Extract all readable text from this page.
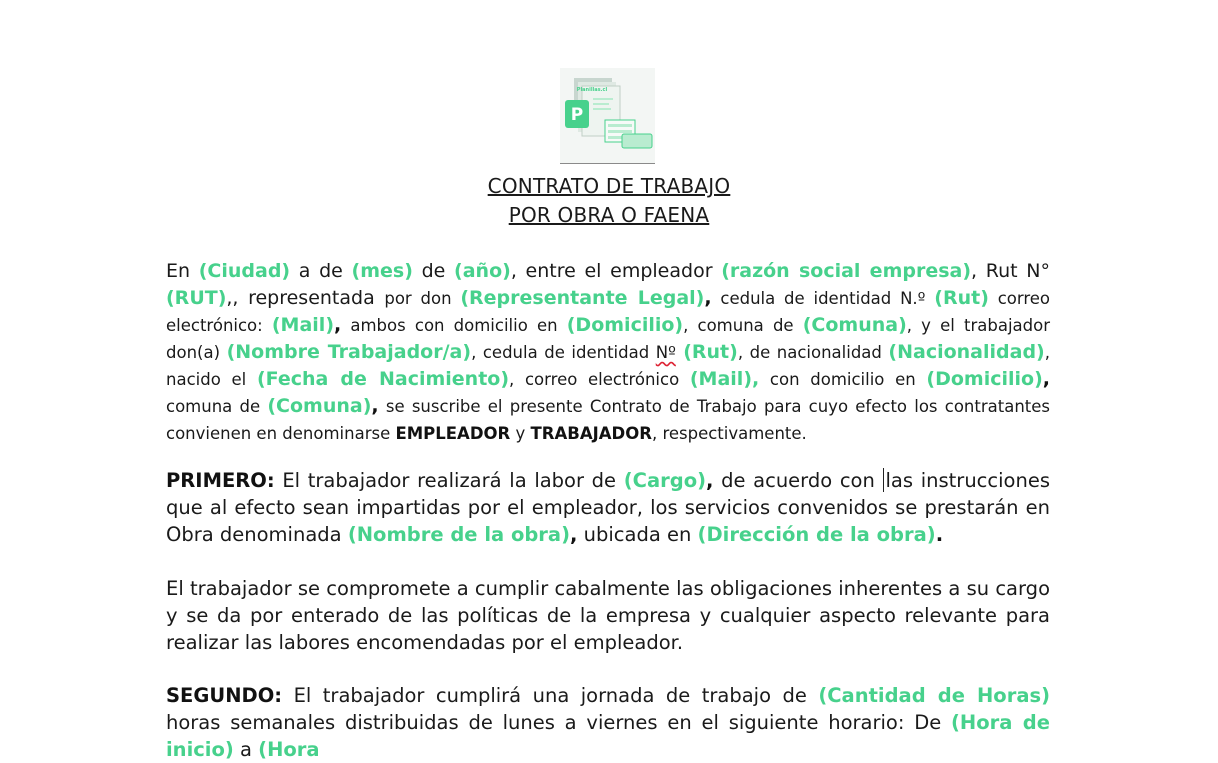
P
Planillas.cl
CONTRATO DE TRABAJO
POR OBRA O FAENA
En (Ciudad) a de (mes) de (año), entre el empleador (razón social empresa), Rut N° (RUT),, representada por don (Representante Legal), cedula de identidad N.º (Rut) correo electrónico: (Mail), ambos con domicilio en (Domicilio), comuna de (Comuna), y el trabajador don(a) (Nombre Trabajador/a), cedula de identidad Nº (Rut), de nacionalidad (Nacionalidad), nacido el (Fecha de Nacimiento), correo electrónico (Mail), con domicilio en (Domicilio), comuna de (Comuna), se suscribe el presente Contrato de Trabajo para cuyo efecto los contratantes convienen en denominarse EMPLEADOR y TRABAJADOR, respectivamente.
PRIMERO: El trabajador realizará la labor de (Cargo), de acuerdo con las instrucciones que al efecto sean impartidas por el empleador, los servicios convenidos se prestarán en Obra denominada (Nombre de la obra), ubicada en (Dirección de la obra).
El trabajador se compromete a cumplir cabalmente las obligaciones inherentes a su cargo y se da por enterado de las políticas de la empresa y cualquier aspecto relevante para realizar las labores encomendadas por el empleador.
SEGUNDO: El trabajador cumplirá una jornada de trabajo de (Cantidad de Horas) horas semanales distribuidas de lunes a viernes en el siguiente horario: De (Hora de inicio) a (Hora
